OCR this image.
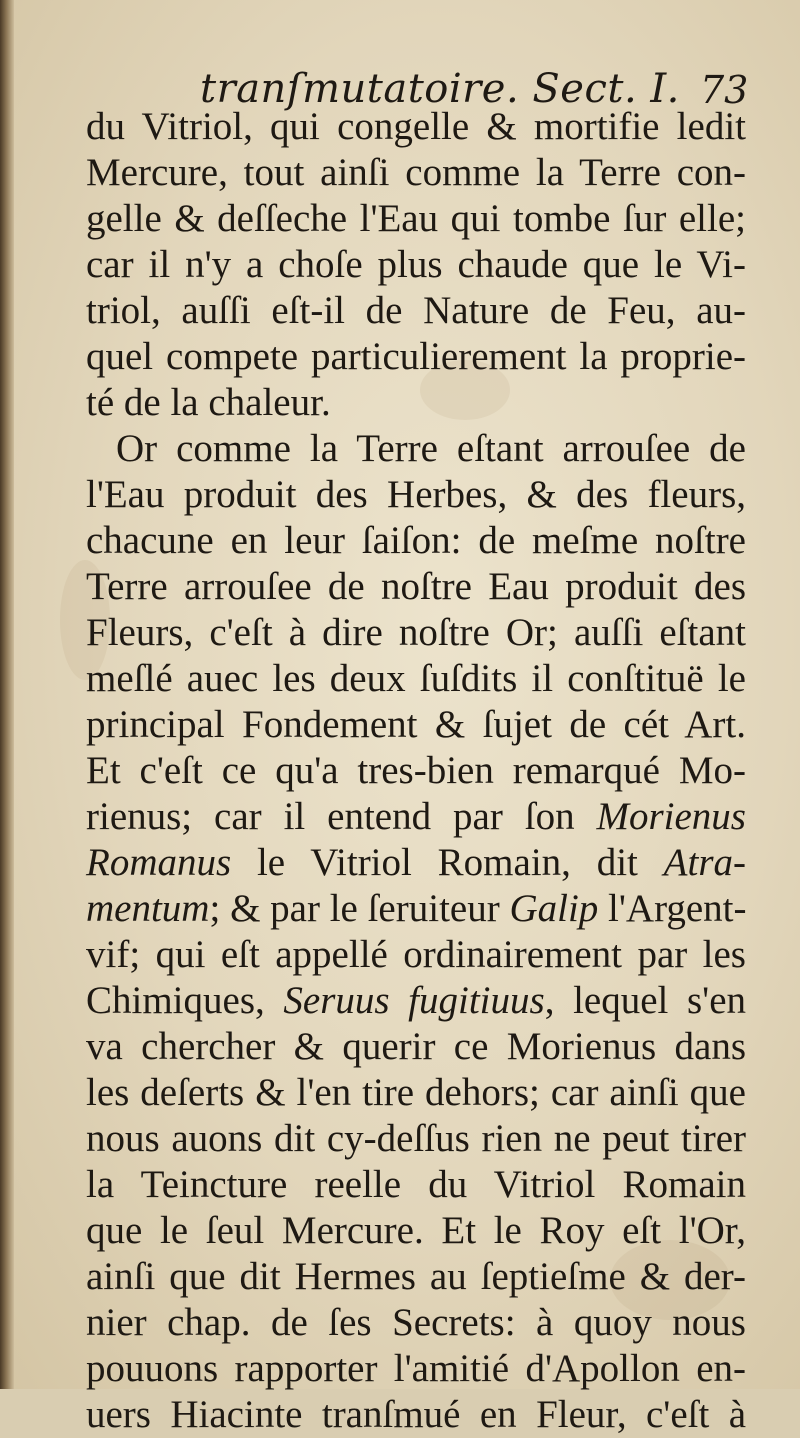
tranſmutatoire. Sect. I. 73
du Vitriol, qui congelle & mortifie ledit
Mercure, tout ainſi comme la Terre con-
gelle & deſſeche l'Eau qui tombe ſur elle;
car il n'y a choſe plus chaude que le Vi-
triol, auſſi eſt-il de Nature de Feu, au-
quel compete particulierement la proprie-
té de la chaleur.
Or comme la Terre eſtant arrouſee de
l'Eau produit des Herbes, & des fleurs,
chacune en leur ſaiſon: de meſme noſtre
Terre arrouſee de noſtre Eau produit des
Fleurs, c'eſt à dire noſtre Or; auſſi eſtant
meſlé auec les deux ſuſdits il conſtituë le
principal Fondement & ſujet de cét Art.
Et c'eſt ce qu'a tres-bien remarqué Mo-
rienus; car il entend par ſon Morienus
Romanus le Vitriol Romain, dit Atra-
mentum; & par le ſeruiteur Galip l'Argent-
vif; qui eſt appellé ordinairement par les
Chimiques, Seruus fugitiuus, lequel s'en
va chercher & querir ce Morienus dans
les deſerts & l'en tire dehors; car ainſi que
nous auons dit cy-deſſus rien ne peut tirer
la Teincture reelle du Vitriol Romain
que le ſeul Mercure. Et le Roy eſt l'Or,
ainſi que dit Hermes au ſeptieſme & der-
nier chap. de ſes Secrets: à quoy nous
pouuons rapporter l'amitié d'Apollon en-
uers Hiacinte tranſmué en Fleur, c'eſt à
